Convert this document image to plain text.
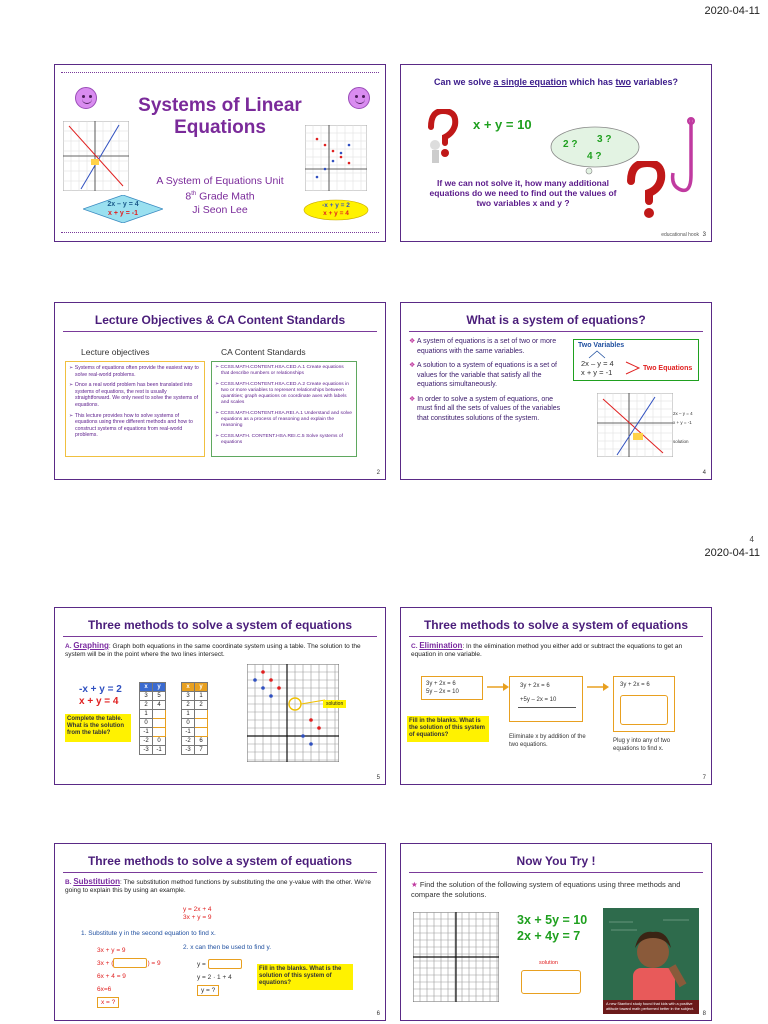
2020-04-11
Systems of Linear
Equations
A System of Equations Unit
8th Grade Math
Ji Seon Lee
2x – y = 4
x + y = -1
-x + y = 2
x + y = 4
Can we solve a single equation which has two variables?
x + y = 10
2 ? 3 ?
4 ?
If we can not solve it, how many additional equations do we need to find out the values of two variables x and y ?
educational hook 3
Lecture Objectives & CA Content Standards
Lecture objectives	CA Content Standards
➢ Systems of equations often provide the easiest way to solve real-world problems.
➢ Once a real world problem has been translated into systems of equations, the rest is usually straightforward. We only need to solve the systems of equations.
➢ This lecture provides how to solve systems of equations using three different methods and how to construct systems of equations from real-world problems.
➢ CCSS.MATH.CONTENT.HSA.CED.A.1 Create equations that describe numbers or relationships
➢ CCSS.MATH.CONTENT.HSA.CED.A.2 Create equations in two or more variables to represent relationships between quantities; graph equations on coordinate axes with labels and scales
➢ CCSS.MATH.CONTENT.HSA.REI.A.1 Understand and solve equations as a process of reasoning and explain the reasoning
➢ CCSS.MATH. CONTENT.HSA.REI.C.5 Solve systems of equations
2
What is a system of equations?
❖ A system of equations is a set of two or more equations with the same variables.
❖ A solution to a system of equations is a set of values for the variable that satisfy all the equations simultaneously.
❖ In order to solve a system of equations, one must find all the sets of values of the variables that constitutes solutions of the system.
Two Variables
2x – y = 4
x + y = -1	Two Equations
2x – y = 4
x + y = -1
solution
4
4
2020-04-11
Three methods to solve a system of equations
A. Graphing: Graph both equations in the same coordinate system using a table. The solution to the system will be in the point where the two lines intersect.
-x + y = 2
x + y = 4
Complete the table. What is the solution from the table?
x	y
3	5
2	4
1	
0	
-1	
-2	0
-3	-1
x	y
3	1
2	2
1	
0	
-1	
-2	6
-3	7
solution
5
Three methods to solve a system of equations
C. Elimination: In the elimination method you either add or subtract the equations to get an equation in one variable.
3y + 2x = 6
5y – 2x = 10
3y + 2x = 6
+5y – 2x = 10
3y + 2x = 6
Fill in the blanks. What is the solution of this system of equations?	Eliminate x by addition of the two equations.
Plug y into any of two equations to find x.
7
Three methods to solve a system of equations
B. Substitution: The substitution method functions by substituting the one y-value with the other. We're going to explain this by using an example.
y = 2x + 4
3x + y = 9
1. Substitute y in the second equation to find x.
3x + y = 9
3x + (	) = 9
6x + 4 = 9
6x=6
x = ?
2. x can then be used to find y.
y =
y = 2 · 1 + 4
y = ?
Fill in the blanks. What is the solution of this system of equations?
6
Now You Try !
★ Find the solution of the following system of equations using three methods and compare the solutions.
3x + 5y = 10
2x + 4y = 7
solution
A new Stanford study found that kids with a positive attitude toward math performed better in the subject.
8
